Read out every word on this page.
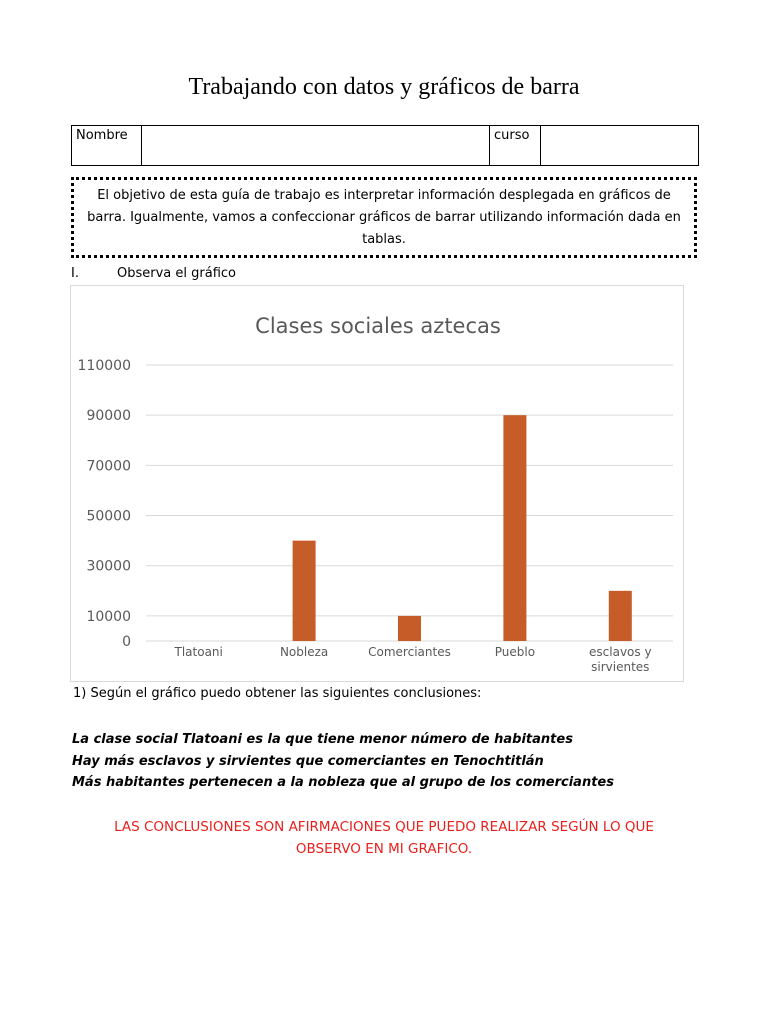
Trabajando con datos y gráficos de barra
Nombre		curso	
El objetivo de esta guía de trabajo es interpretar información desplegada en gráficos de barra. Igualmente, vamos a confeccionar gráficos de barrar utilizando información dada en tablas.
I.	Observa el gráfico
Clases sociales aztecas
0
10000
30000
50000
70000
90000
110000
Tlatoani	Nobleza	Comerciantes	Pueblo	esclavos y sirvientes
1) Según el gráfico puedo obtener las siguientes conclusiones:
La clase social Tlatoani es la que tiene menor número de habitantes
Hay más esclavos y sirvientes que comerciantes en Tenochtitlán
Más habitantes pertenecen a la nobleza que al grupo de los comerciantes
LAS CONCLUSIONES SON AFIRMACIONES QUE PUEDO REALIZAR SEGÚN LO QUE
OBSERVO EN MI GRAFICO.
